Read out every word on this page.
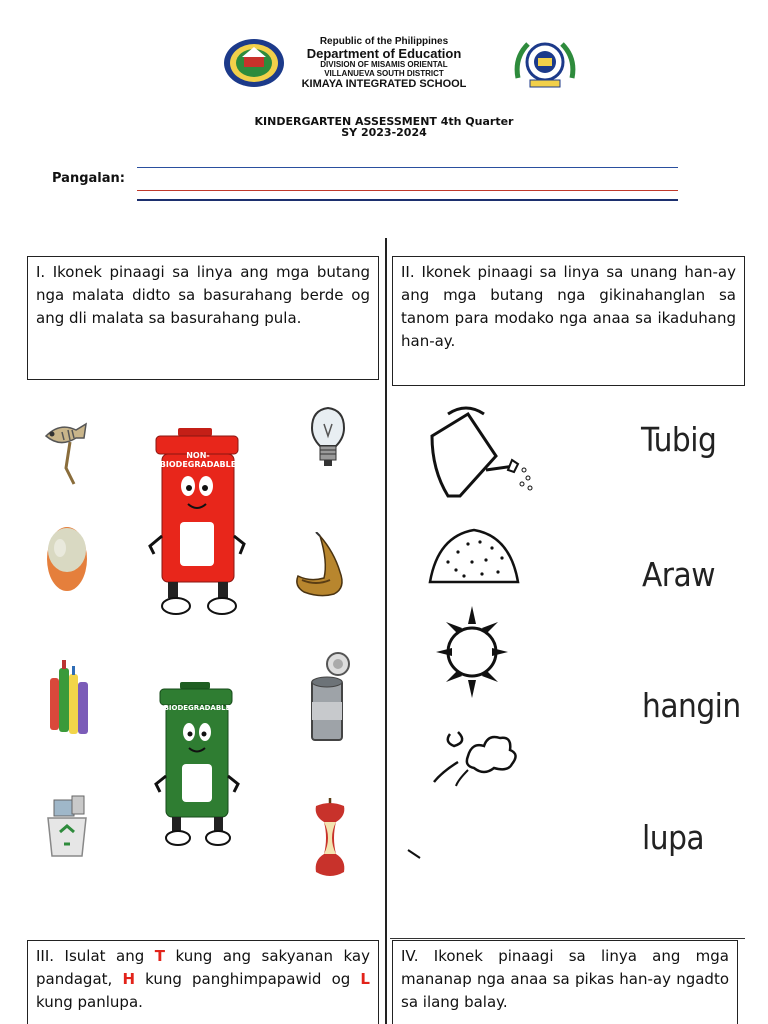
Republic of the Philippines
Department of Education
DIVISION OF MISAMIS ORIENTAL
VILLANUEVA SOUTH DISTRICT
KIMAYA INTEGRATED SCHOOL
KINDERGARTEN ASSESSMENT 4th Quarter
SY 2023-2024
Pangalan:
I. Ikonek pinaagi sa linya ang mga butang nga malata didto sa basurahang berde og ang dli malata sa basurahang pula.
II. Ikonek pinaagi sa linya sa unang han-ay ang mga butang nga gikinahanglan sa tanom para modako nga anaa sa ikaduhang han-ay.
III. Isulat ang T kung ang sakyanan kay pandagat, H kung panghimpapawid og L kung panlupa.
IV. Ikonek pinaagi sa linya ang mga mananap nga anaa sa pikas han-ay ngadto sa ilang balay.
NON-BIODEGRADABLE
BIODEGRADABLE
Tubig
Araw
hangin
lupa
